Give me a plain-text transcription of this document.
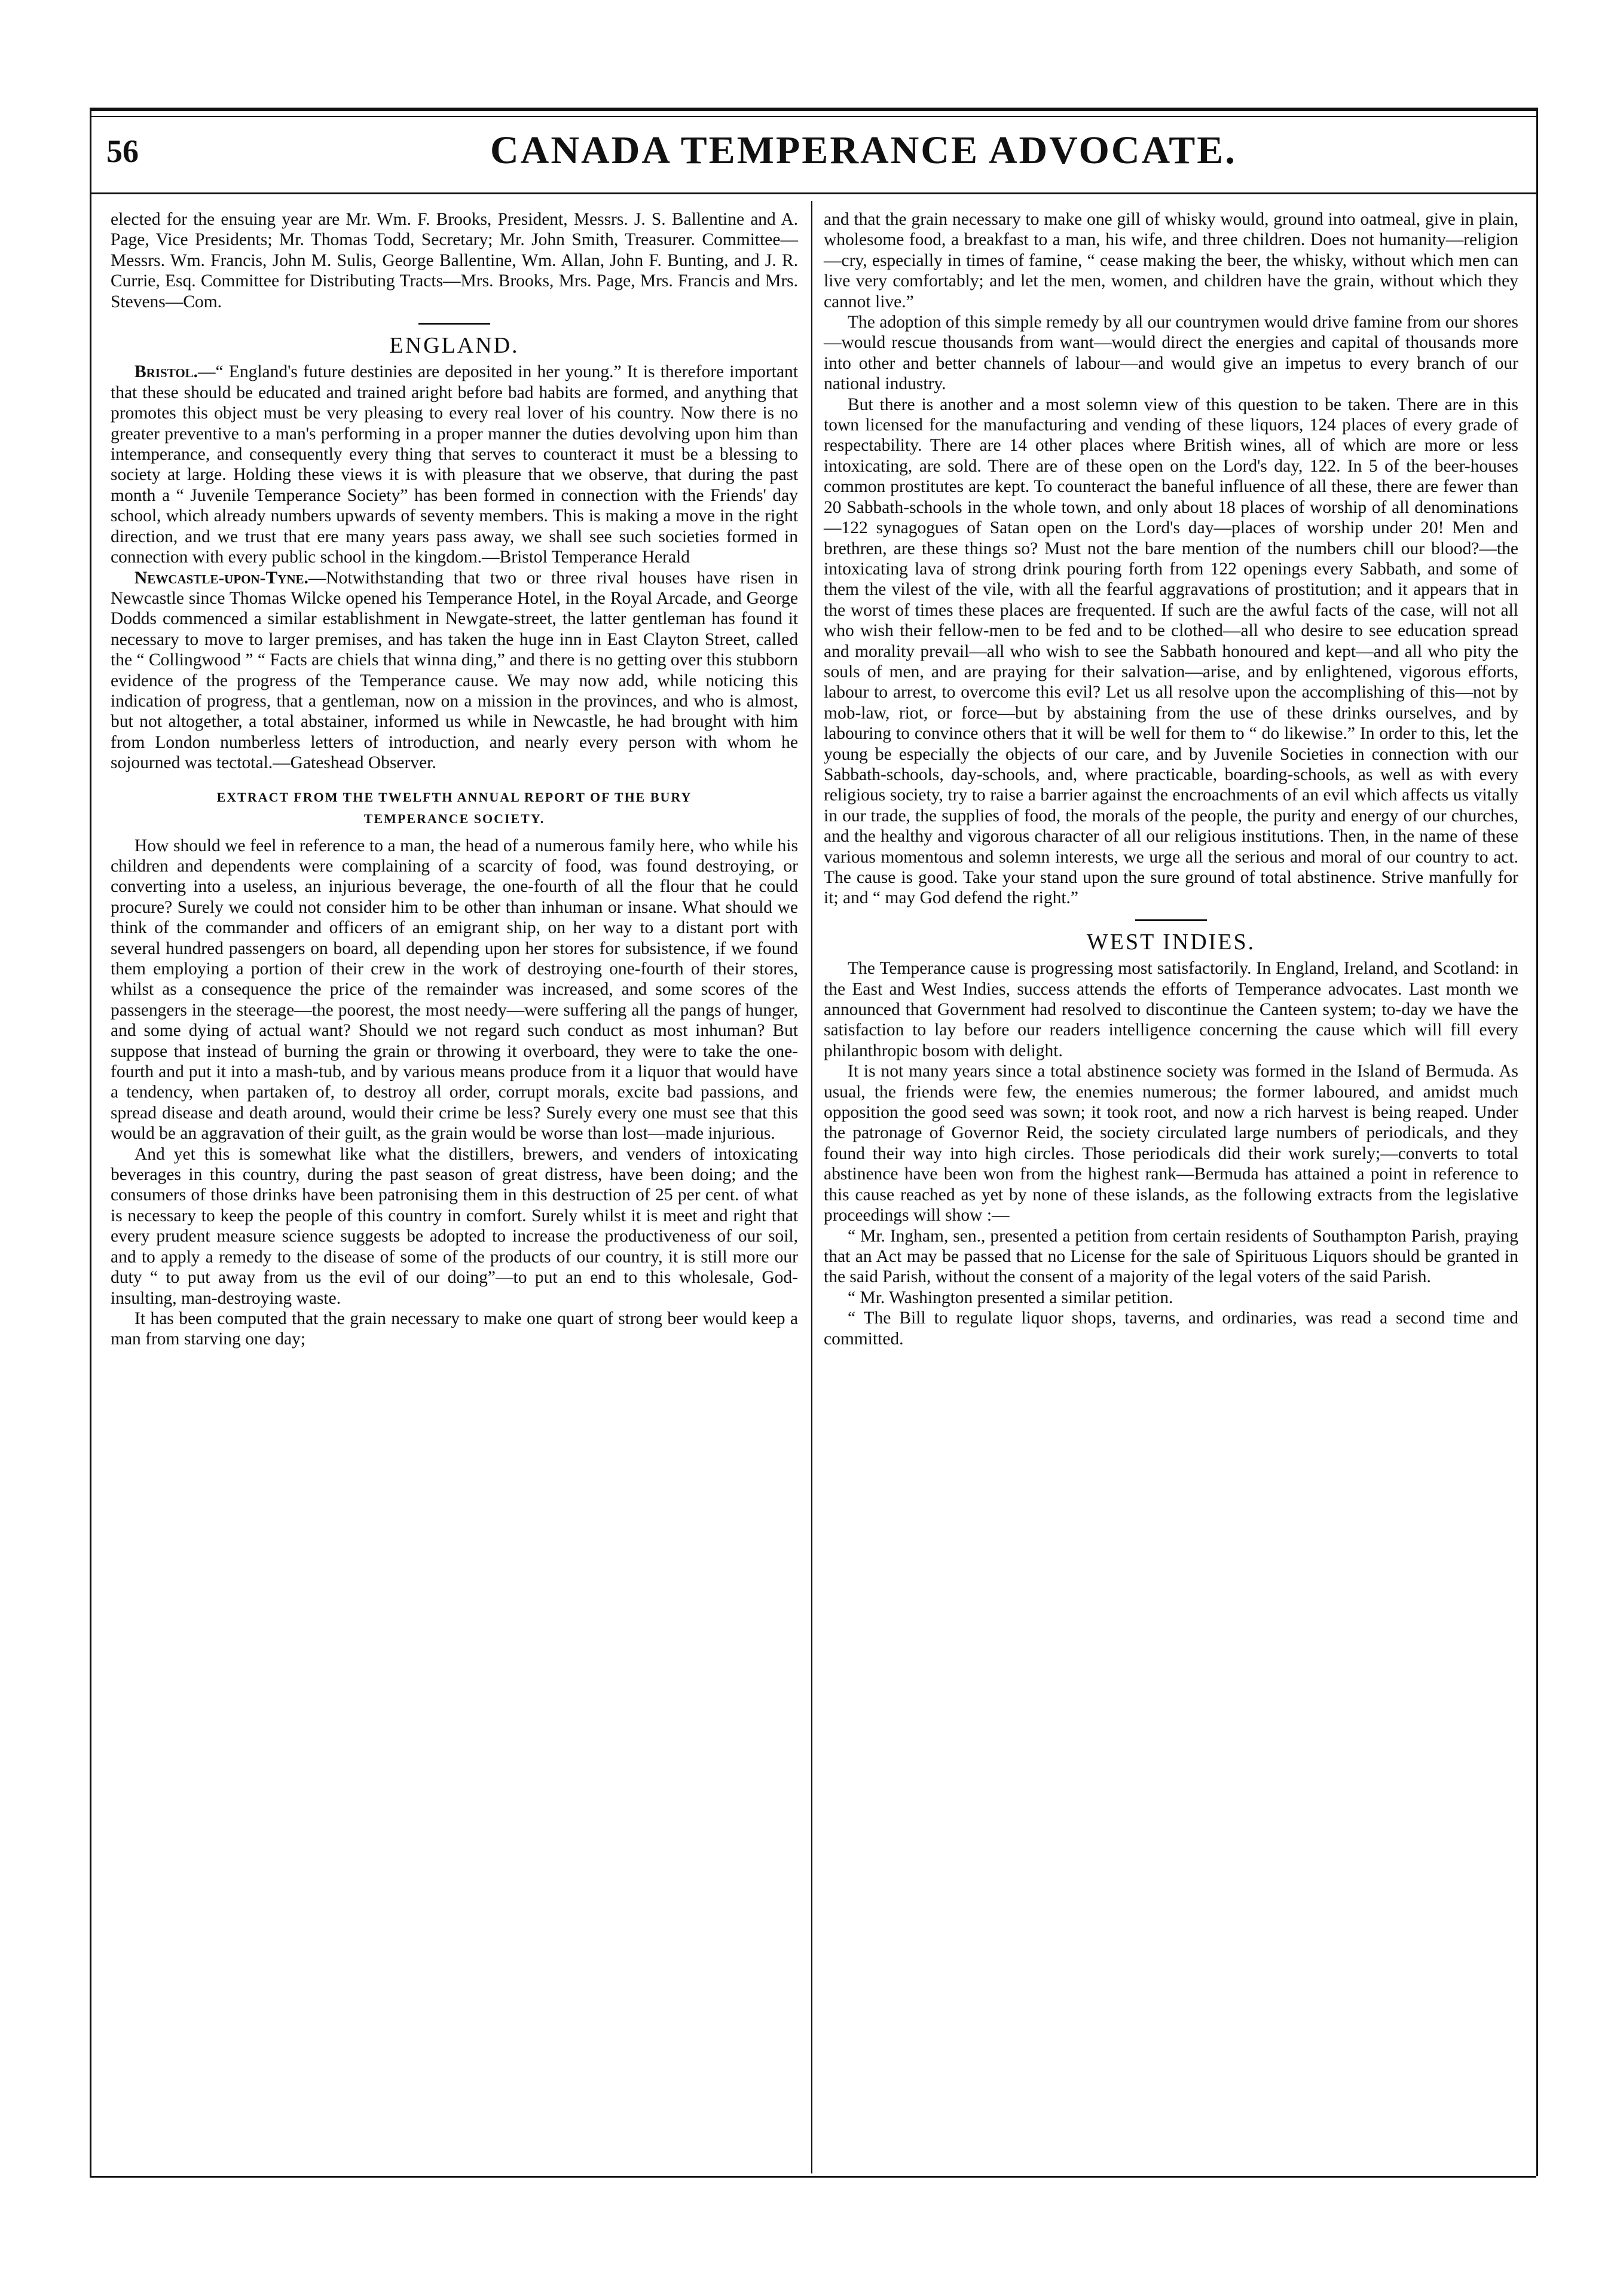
56	CANADA TEMPERANCE ADVOCATE.

elected for the ensuing year are Mr. Wm. F. Brooks, President, Messrs. J. S. Ballentine and A. Page, Vice Presidents; Mr. Thomas Todd, Secretary; Mr. John Smith, Treasurer. Committee—Messrs. Wm. Francis, John M. Sulis, George Ballentine, Wm. Allan, John F. Bunting, and J. R. Currie, Esq. Committee for Distributing Tracts—Mrs. Brooks, Mrs. Page, Mrs. Francis and Mrs. Stevens—Com.

ENGLAND.

Bristol.—“ England's future destinies are deposited in her young.” It is therefore important that these should be educated and trained aright before bad habits are formed, and anything that promotes this object must be very pleasing to every real lover of his country. Now there is no greater preventive to a man's performing in a proper manner the duties devolving upon him than intemperance, and consequently every thing that serves to counteract it must be a blessing to society at large. Holding these views it is with pleasure that we observe, that during the past month a “ Juvenile Temperance Society” has been formed in connection with the Friends' day school, which already numbers upwards of seventy members. This is making a move in the right direction, and we trust that ere many years pass away, we shall see such societies formed in connection with every public school in the kingdom.—Bristol Temperance Herald

Newcastle-upon-Tyne.—Notwithstanding that two or three rival houses have risen in Newcastle since Thomas Wilcke opened his Temperance Hotel, in the Royal Arcade, and George Dodds commenced a similar establishment in Newgate-street, the latter gentleman has found it necessary to move to larger premises, and has taken the huge inn in East Clayton Street, called the “ Collingwood ” “ Facts are chiels that winna ding,” and there is no getting over this stubborn evidence of the progress of the Temperance cause. We may now add, while noticing this indication of progress, that a gentleman, now on a mission in the provinces, and who is almost, but not altogether, a total abstainer, informed us while in Newcastle, he had brought with him from London numberless letters of introduction, and nearly every person with whom he sojourned was tectotal.—Gateshead Observer.

EXTRACT FROM THE TWELFTH ANNUAL REPORT OF THE BURY

TEMPERANCE SOCIETY.

How should we feel in reference to a man, the head of a numerous family here, who while his children and dependents were complaining of a scarcity of food, was found destroying, or converting into a useless, an injurious beverage, the one-fourth of all the flour that he could procure? Surely we could not consider him to be other than inhuman or insane. What should we think of the commander and officers of an emigrant ship, on her way to a distant port with several hundred passengers on board, all depending upon her stores for subsistence, if we found them employing a portion of their crew in the work of destroying one-fourth of their stores, whilst as a consequence the price of the remainder was increased, and some scores of the passengers in the steerage—the poorest, the most needy—were suffering all the pangs of hunger, and some dying of actual want? Should we not regard such conduct as most inhuman? But suppose that instead of burning the grain or throwing it overboard, they were to take the one-fourth and put it into a mash-tub, and by various means produce from it a liquor that would have a tendency, when partaken of, to destroy all order, corrupt morals, excite bad passions, and spread disease and death around, would their crime be less? Surely every one must see that this would be an aggravation of their guilt, as the grain would be worse than lost—made injurious.

And yet this is somewhat like what the distillers, brewers, and venders of intoxicating beverages in this country, during the past season of great distress, have been doing; and the consumers of those drinks have been patronising them in this destruction of 25 per cent. of what is necessary to keep the people of this country in comfort. Surely whilst it is meet and right that every prudent measure science suggests be adopted to increase the productiveness of our soil, and to apply a remedy to the disease of some of the products of our country, it is still more our duty “ to put away from us the evil of our doing”—to put an end to this wholesale, God-insulting, man-destroying waste.

It has been computed that the grain necessary to make one quart of strong beer would keep a man from starving one day;

and that the grain necessary to make one gill of whisky would, ground into oatmeal, give in plain, wholesome food, a breakfast to a man, his wife, and three children. Does not humanity—religion—cry, especially in times of famine, “ cease making the beer, the whisky, without which men can live very comfortably; and let the men, women, and children have the grain, without which they cannot live.”

The adoption of this simple remedy by all our countrymen would drive famine from our shores—would rescue thousands from want—would direct the energies and capital of thousands more into other and better channels of labour—and would give an impetus to every branch of our national industry.

But there is another and a most solemn view of this question to be taken. There are in this town licensed for the manufacturing and vending of these liquors, 124 places of every grade of respectability. There are 14 other places where British wines, all of which are more or less intoxicating, are sold. There are of these open on the Lord's day, 122. In 5 of the beer-houses common prostitutes are kept. To counteract the baneful influence of all these, there are fewer than 20 Sabbath-schools in the whole town, and only about 18 places of worship of all denominations—122 synagogues of Satan open on the Lord's day—places of worship under 20! Men and brethren, are these things so? Must not the bare mention of the numbers chill our blood?—the intoxicating lava of strong drink pouring forth from 122 openings every Sabbath, and some of them the vilest of the vile, with all the fearful aggravations of prostitution; and it appears that in the worst of times these places are frequented. If such are the awful facts of the case, will not all who wish their fellow-men to be fed and to be clothed—all who desire to see education spread and morality prevail—all who wish to see the Sabbath honoured and kept—and all who pity the souls of men, and are praying for their salvation—arise, and by enlightened, vigorous efforts, labour to arrest, to overcome this evil? Let us all resolve upon the accomplishing of this—not by mob-law, riot, or force—but by abstaining from the use of these drinks ourselves, and by labouring to convince others that it will be well for them to “ do likewise.” In order to this, let the young be especially the objects of our care, and by Juvenile Societies in connection with our Sabbath-schools, day-schools, and, where practicable, boarding-schools, as well as with every religious society, try to raise a barrier against the encroachments of an evil which affects us vitally in our trade, the supplies of food, the morals of the people, the purity and energy of our churches, and the healthy and vigorous character of all our religious institutions. Then, in the name of these various momentous and solemn interests, we urge all the serious and moral of our country to act. The cause is good. Take your stand upon the sure ground of total abstinence. Strive manfully for it; and “ may God defend the right.”

WEST INDIES.

The Temperance cause is progressing most satisfactorily. In England, Ireland, and Scotland: in the East and West Indies, success attends the efforts of Temperance advocates. Last month we announced that Government had resolved to discontinue the Canteen system; to-day we have the satisfaction to lay before our readers intelligence concerning the cause which will fill every philanthropic bosom with delight.

It is not many years since a total abstinence society was formed in the Island of Bermuda. As usual, the friends were few, the enemies numerous; the former laboured, and amidst much opposition the good seed was sown; it took root, and now a rich harvest is being reaped. Under the patronage of Governor Reid, the society circulated large numbers of periodicals, and they found their way into high circles. Those periodicals did their work surely;—converts to total abstinence have been won from the highest rank—Bermuda has attained a point in reference to this cause reached as yet by none of these islands, as the following extracts from the legislative proceedings will show :—

“ Mr. Ingham, sen., presented a petition from certain residents of Southampton Parish, praying that an Act may be passed that no License for the sale of Spirituous Liquors should be granted in the said Parish, without the consent of a majority of the legal voters of the said Parish.

“ Mr. Washington presented a similar petition.

“ The Bill to regulate liquor shops, taverns, and ordinaries, was read a second time and committed.
